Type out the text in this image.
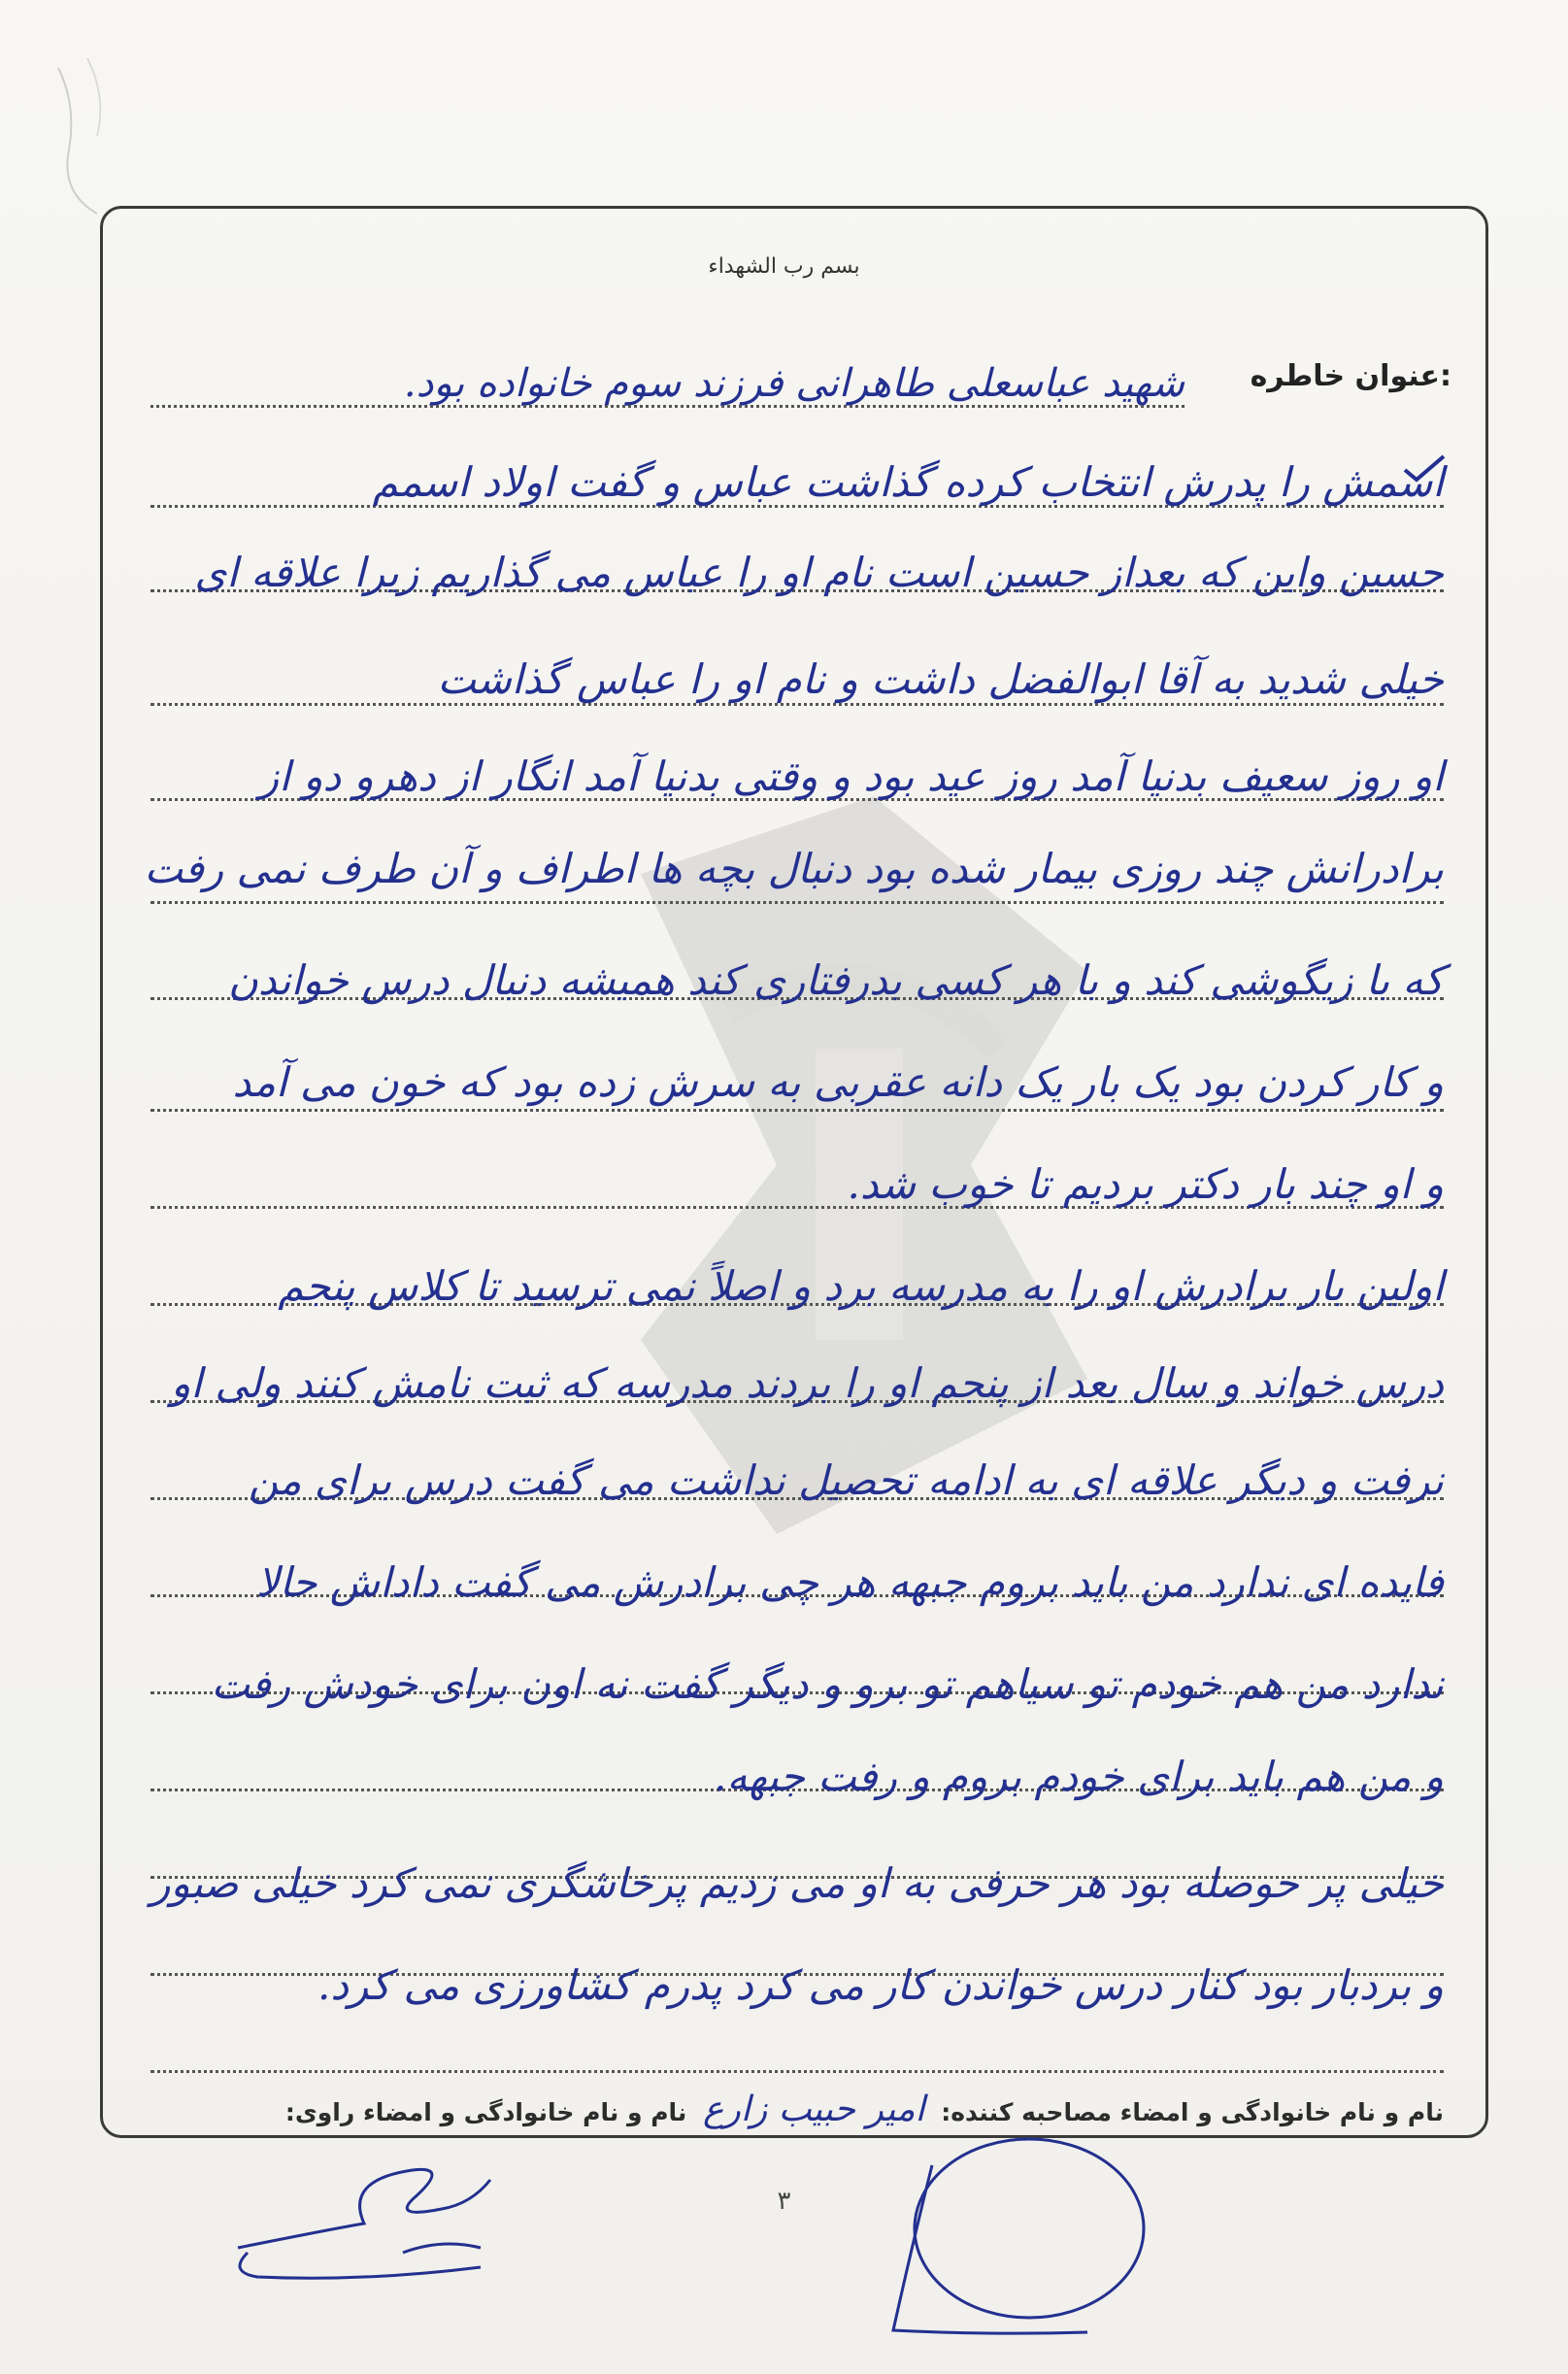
بسم رب الشهداء
عنوان خاطره:
شهید عباسعلی طاهرانی فرزند سوم خانواده بود.
اسمش را پدرش انتخاب کرده گذاشت عباس و گفت اولاد اسمم
حسین واین که بعداز حسین است نام او را عباس می گذاریم زیرا علاقه ای
خیلی شدید به آقا ابوالفضل داشت و نام او را عباس گذاشت
او روز سعیف بدنیا آمد روز عید بود و وقتی بدنیا آمد انگار از دهرو دو از
برادرانش چند روزی بیمار شده بود دنبال بچه ها اطراف و آن طرف نمی رفت
که با زیگوشی کند و با هر کسی بدرفتاری کند همیشه دنبال درس خواندن
و کار کردن بود یک بار یک دانه عقربی به سرش زده بود که خون می آمد
و او چند بار دکتر بردیم تا خوب شد.
اولین بار برادرش او را به مدرسه برد و اصلاً نمی ترسید تا کلاس پنجم
درس خواند و سال بعد از پنجم او را بردند مدرسه که ثبت نامش کنند ولی او
نرفت و دیگر علاقه ای به ادامه تحصیل نداشت می گفت درس برای من
فایده ای ندارد من باید بروم جبهه هر چی برادرش می گفت داداش حالا
ندارد من هم خودم تو سیاهم تو برو و دیگر گفت نه اون برای خودش رفت
و من هم باید برای خودم بروم و رفت جبهه.
خیلی پر حوصله بود هر حرفی به او می زدیم پرخاشگری نمی کرد خیلی صبور
و بردبار بود کنار درس خواندن کار می کرد پدرم کشاورزی می کرد.
نام و نام خانوادگی و امضاء مصاحبه کننده: امیر حبیب زارع نام و نام خانوادگی و امضاء راوی:
۳
